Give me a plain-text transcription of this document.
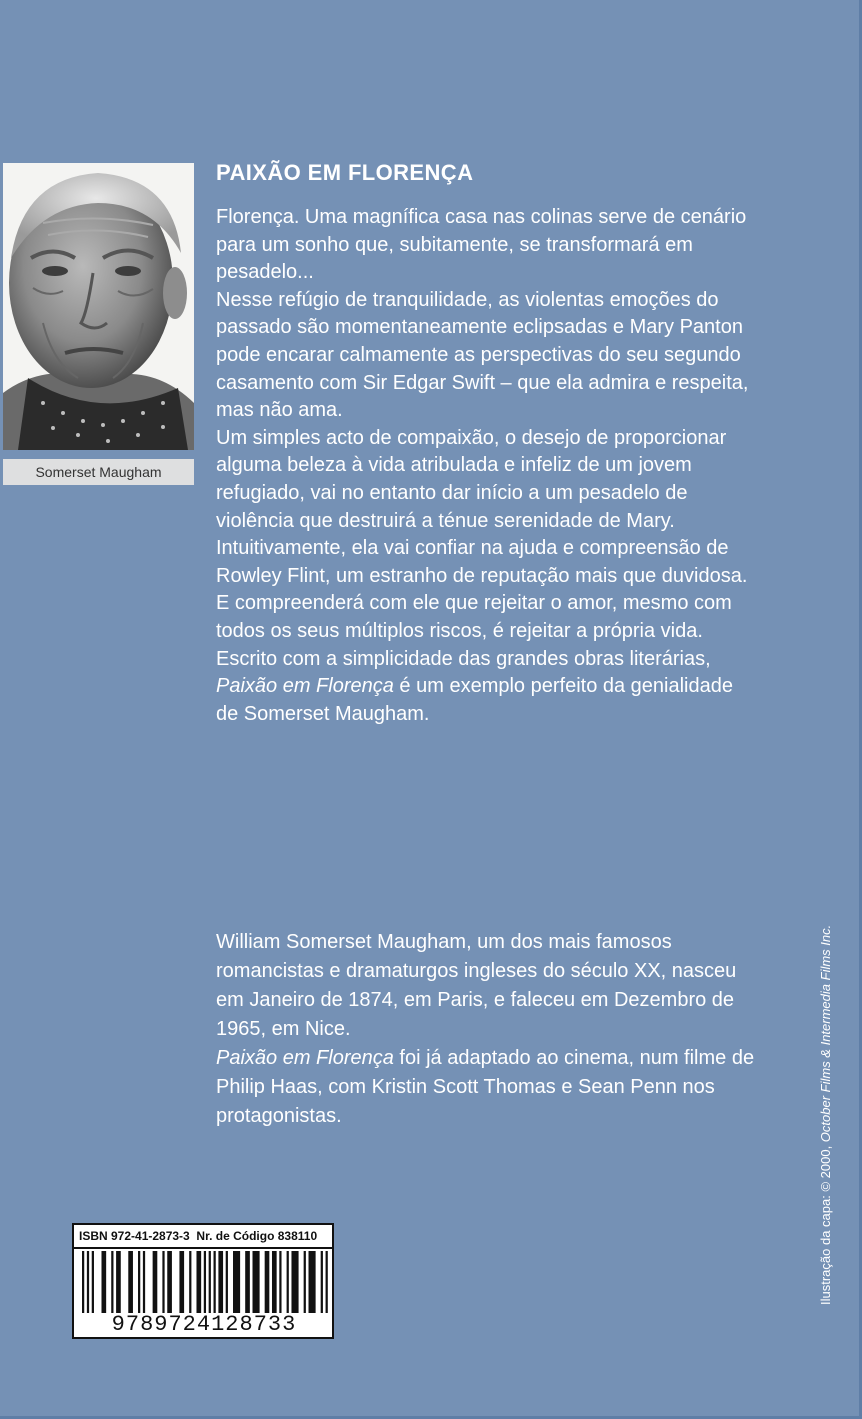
Somerset Maugham
PAIXÃO EM FLORENÇA

Florença. Uma magnífica casa nas colinas serve de cenário para um sonho que, subitamente, se transformará em pesadelo...

Nesse refúgio de tranquilidade, as violentas emoções do passado são momentaneamente eclipsadas e Mary Panton pode encarar calmamente as perspectivas do seu segundo casamento com Sir Edgar Swift – que ela admira e respeita, mas não ama.

Um simples acto de compaixão, o desejo de proporcionar alguma beleza à vida atribulada e infeliz de um jovem refugiado, vai no entanto dar início a um pesadelo de violência que destruirá a ténue serenidade de Mary. Intuitivamente, ela vai confiar na ajuda e compreensão de Rowley Flint, um estranho de reputação mais que duvidosa. E compreenderá com ele que rejeitar o amor, mesmo com todos os seus múltiplos riscos, é rejeitar a própria vida.

Escrito com a simplicidade das grandes obras literárias, Paixão em Florença é um exemplo perfeito da genialidade de Somerset Maugham.

William Somerset Maugham, um dos mais famosos romancistas e dramaturgos ingleses do século XX, nasceu em Janeiro de 1874, em Paris, e faleceu em Dezembro de 1965, em Nice.

Paixão em Florença foi já adaptado ao cinema, num filme de Philip Haas, com Kristin Scott Thomas e Sean Penn nos protagonistas.

Ilustração da capa: © 2000, October Films & Intermedia Films Inc.
ISBN 972-41-2873-3 Nr. de Código 838110
9789724128733
